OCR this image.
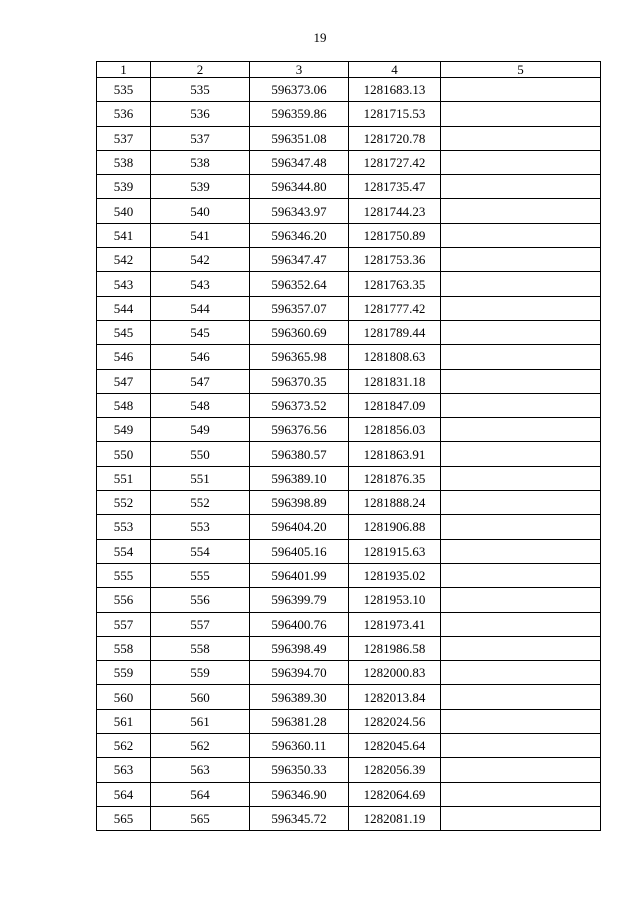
19
1	2	3	4	5
535	535	596373.06	1281683.13	
536	536	596359.86	1281715.53	
537	537	596351.08	1281720.78	
538	538	596347.48	1281727.42	
539	539	596344.80	1281735.47	
540	540	596343.97	1281744.23	
541	541	596346.20	1281750.89	
542	542	596347.47	1281753.36	
543	543	596352.64	1281763.35	
544	544	596357.07	1281777.42	
545	545	596360.69	1281789.44	
546	546	596365.98	1281808.63	
547	547	596370.35	1281831.18	
548	548	596373.52	1281847.09	
549	549	596376.56	1281856.03	
550	550	596380.57	1281863.91	
551	551	596389.10	1281876.35	
552	552	596398.89	1281888.24	
553	553	596404.20	1281906.88	
554	554	596405.16	1281915.63	
555	555	596401.99	1281935.02	
556	556	596399.79	1281953.10	
557	557	596400.76	1281973.41	
558	558	596398.49	1281986.58	
559	559	596394.70	1282000.83	
560	560	596389.30	1282013.84	
561	561	596381.28	1282024.56	
562	562	596360.11	1282045.64	
563	563	596350.33	1282056.39	
564	564	596346.90	1282064.69	
565	565	596345.72	1282081.19	
